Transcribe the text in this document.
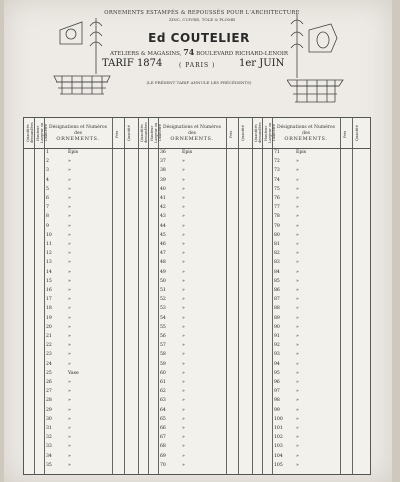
ORNEMENTS ESTAMPÉS & REPOUSSÉS POUR L'ARCHITECTURE
ZINC, CUIVRE, TOLE & PLOMB
Ed COUTELIER
ATELIERS & MAGASINS, 74 BOULEVARD RICHARD-LENOIR
TARIF 1874	( PARIS ) 1er JUIN
(LE PRÉSENT TARIF ANNULE LES PRÉCÉDENTS)
Quantités demandées Hauteur Largeur ou Diamètre Désignations et Numéros
des
ORNEMENTS.
Prix Quantité	Quantités demandées Hauteur Largeur ou Diamètre Désignations et Numéros
des
ORNEMENTS.
Prix Quantité	Quantités demandées Hauteur Largeur ou Diamètre Désignations et Numéros
des
ORNEMENTS.
Prix Quantité
1	Épis	36	Épis	71	Épis
2	»	37	»	72	»
3	»	38	»	73	»
4	»	39	»	74	»
5	»	40	»	75	»
6	»	41	»	76	»
7	»	42	»	77	»
8	»	43	»	78	»
9	»	44	»	79	»
10	»	45	»	80	»
11	»	46	»	81	»
12	»	47	»	82	»
13	»	48	»	83	»
14	»	49	»	84	»
15	»	50	»	85	»
16	»	51	»	86	»
17	»	52	»	87	»
18	»	53	»	88	»
19	»	54	»	89	»
20	»	55	»	90	»
21	»	56	»	91	»
22	»	57	»	92	»
23	»	58	»	93	»
24	»	59	»	94	»
25	Vase	60	»	95	»
26	»	61	»	96	»
27	»	62	»	97	»
28	»	63	»	98	»
29	»	64	»	99	»
30	»	65	»	100	»
31	»	66	»	101	»
32	»	67	»	102	»
33	»	68	»	103	»
34	»	69	»	104	»
35	»	70	»	105	»
